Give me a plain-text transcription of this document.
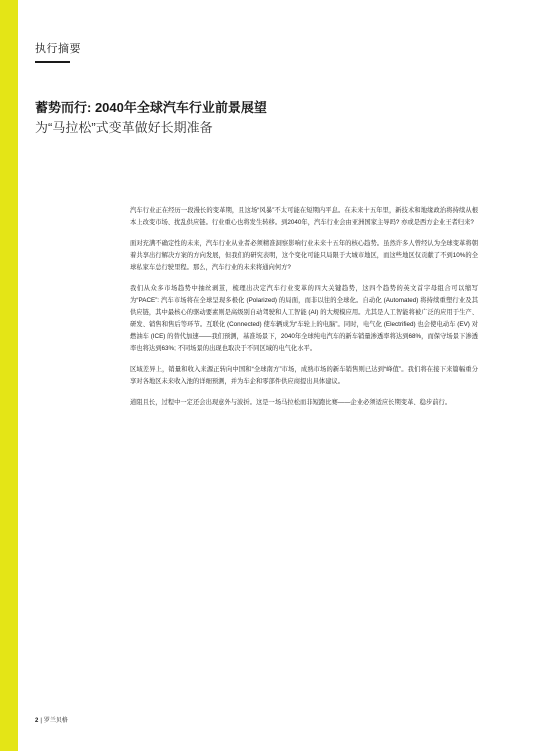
执行摘要
蓄势而行: 2040年全球汽车行业前景展望
为“马拉松”式变革做好长期准备

汽车行业正在经历一段漫长的变革期，且这场“风暴”不太可能在短期内平息。在未来十五年里，新技术和地缘政治将持续从根本上改变市场、扰乱供应链。行业重心也将发生转移。到2040年，汽车行业会由亚洲国家主导吗? 亦或是西方企业王者归来?

面对充满不确定性的未来，汽车行业从业者必须精准洞察影响行业未来十五年的核心趋势。虽然许多人曾经认为全球变革将朝着共享出行解决方案的方向发展，但我们的研究表明，这个变化可能只局限于大城市地区，而这些地区仅贡献了不到10%的全球私家车总行驶里程。那么，汽车行业的未来将通向何方?

我们从众多市场趋势中抽丝剥茧，梳理出决定汽车行业变革的四大关键趋势，这四个趋势的英文首字母组合可以缩写为“PACE”: 汽车市场将在全球呈现多极化 (Polarized) 的局面，而非以往的全球化。自动化 (Automated) 将持续重塑行业及其供应链，其中最核心的驱动要素则是高级别自动驾驶和人工智能 (AI) 的大规模应用。尤其是人工智能将被广泛的应用于生产、研发、销售和售后等环节。互联化 (Connected) 使车辆成为“车轮上的电脑”。同时，电气化 (Electrified) 也会使电动车 (EV) 对燃油车 (ICE) 的替代加速——我们预测，基准场景下，2040年全球纯电汽车的新车销量渗透率将达到68%，而保守场景下渗透率也将达到63%; 不同场景的出现也取决于不同区域的电气化水平。

区域差异上，销量和收入来源正转向中国和“全球南方”市场，成熟市场的新车销售则已达到“峰值”。我们将在接下来篇幅重分享对各地区未来收入池的详细预测，并为车企和零部件供应商提出具体建议。

道阻且长，过程中一定还会出现意外与波折。这是一场马拉松而非短跑比赛——企业必须适应长期变革、稳步前行。

2 | 罗兰贝格
